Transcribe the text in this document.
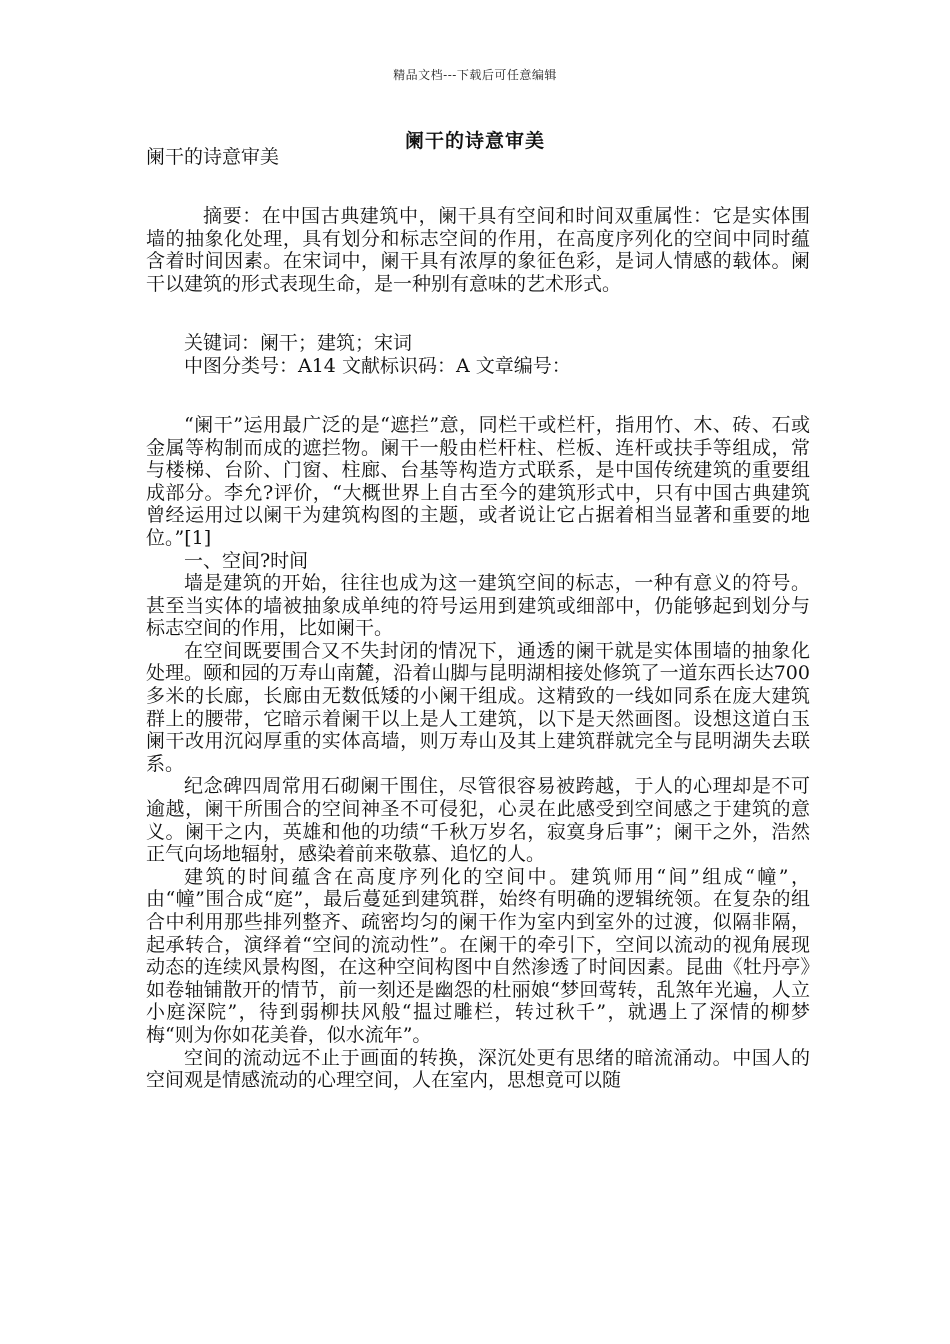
精品文档---下载后可任意编辑
阑干的诗意审美

阑干的诗意审美

摘要：在中国古典建筑中，阑干具有空间和时间双重属性：它是实体围墙的抽象化处理，具有划分和标志空间的作用，在高度序列化的空间中同时蕴含着时间因素。在宋词中，阑干具有浓厚的象征色彩，是词人情感的载体。阑干以建筑的形式表现生命，是一种别有意味的艺术形式。

关键词：阑干；建筑；宋词

中图分类号：A14 文献标识码：A 文章编号：

“阑干”运用最广泛的是“遮拦”意，同栏干或栏杆，指用竹、木、砖、石或金属等构制而成的遮拦物。阑干一般由栏杆柱、栏板、连杆或扶手等组成，常与楼梯、台阶、门窗、柱廊、台基等构造方式联系，是中国传统建筑的重要组成部分。李允?评价，“大概世界上自古至今的建筑形式中，只有中国古典建筑曾经运用过以阑干为建筑构图的主题，或者说让它占据着相当显著和重要的地位。”[1]

一、空间?时间

墙是建筑的开始，往往也成为这一建筑空间的标志，一种有意义的符号。甚至当实体的墙被抽象成单纯的符号运用到建筑或细部中，仍能够起到划分与标志空间的作用，比如阑干。

在空间既要围合又不失封闭的情况下，通透的阑干就是实体围墙的抽象化处理。颐和园的万寿山南麓，沿着山脚与昆明湖相接处修筑了一道东西长达700多米的长廊，长廊由无数低矮的小阑干组成。这精致的一线如同系在庞大建筑群上的腰带，它暗示着阑干以上是人工建筑，以下是天然画图。设想这道白玉阑干改用沉闷厚重的实体高墙，则万寿山及其上建筑群就完全与昆明湖失去联系。

纪念碑四周常用石砌阑干围住，尽管很容易被跨越，于人的心理却是不可逾越，阑干所围合的空间神圣不可侵犯，心灵在此感受到空间感之于建筑的意义。阑干之内，英雄和他的功绩“千秋万岁名，寂寞身后事”；阑干之外，浩然正气向场地辐射，感染着前来敬慕、追忆的人。

建筑的时间蕴含在高度序列化的空间中。建筑师用“间”组成“幢”，由“幢”围合成“庭”，最后蔓延到建筑群，始终有明确的逻辑统领。在复杂的组合中利用那些排列整齐、疏密均匀的阑干作为室内到室外的过渡，似隔非隔，起承转合，演绎着“空间的流动性”。在阑干的牵引下，空间以流动的视角展现动态的连续风景构图，在这种空间构图中自然渗透了时间因素。昆曲《牡丹亭》如卷轴铺散开的情节，前一刻还是幽怨的杜丽娘“梦回莺转，乱煞年光遍，人立小庭深院”，待到弱柳扶风般“揾过雕栏，转过秋千”，就遇上了深情的柳梦梅“则为你如花美眷，似水流年”。

空间的流动远不止于画面的转换，深沉处更有思绪的暗流涌动。中国人的空间观是情感流动的心理空间，人在室内，思想竟可以随
